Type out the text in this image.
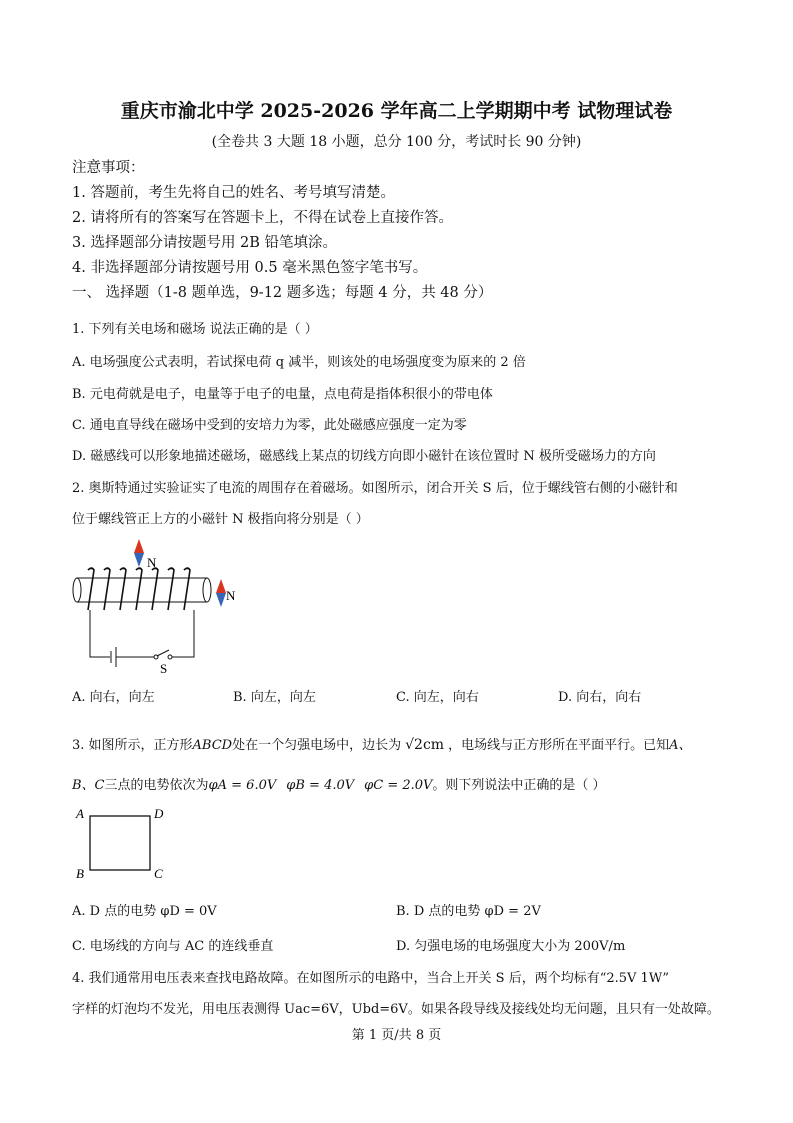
重庆市渝北中学 2025-2026 学年高二上学期期中考 试物理试卷
(全卷共 3 大题 18 小题，总分 100 分，考试时长 90 分钟)
注意事项：
1. 答题前，考生先将自己的姓名、考号填写清楚。
2. 请将所有的答案写在答题卡上，不得在试卷上直接作答。
3. 选择题部分请按题号用 2B 铅笔填涂。
4. 非选择题部分请按题号用 0.5 毫米黑色签字笔书写。
一、 选择题（1-8 题单选，9-12 题多选；每题 4 分，共 48 分）
1. 下列有关电场和磁场 说法正确的是（ ）
A. 电场强度公式表明，若试探电荷 q 减半，则该处的电场强度变为原来的 2 倍
B. 元电荷就是电子，电量等于电子的电量，点电荷是指体积很小的带电体
C. 通电直导线在磁场中受到的安培力为零，此处磁感应强度一定为零
D. 磁感线可以形象地描述磁场，磁感线上某点的切线方向即小磁针在该位置时 N 极所受磁场力的方向
2. 奥斯特通过实验证实了电流的周围存在着磁场。如图所示，闭合开关 S 后，位于螺线管右侧的小磁针和
位于螺线管正上方的小磁针 N 极指向将分别是（ ）
N
N
S
A. 向右，向左	B. 向左，向左	C. 向左，向右	D. 向右，向右
3. 如图所示，正方形ABCD处在一个匀强电场中，边长为 √2cm ，电场线与正方形所在平面平行。已知A、
B、C三点的电势依次为φA = 6.0V φB = 4.0V φC = 2.0V。则下列说法中正确的是（ ）
A	D
B	C
A. D 点的电势 φD = 0V	B. D 点的电势 φD = 2V
C. 电场线的方向与 AC 的连线垂直	D. 匀强电场的电场强度大小为 200V/m
4. 我们通常用电压表来查找电路故障。在如图所示的电路中，当合上开关 S 后，两个均标有“2.5V 1W”
字样的灯泡均不发光，用电压表测得 Uac=6V，Ubd=6V。如果各段导线及接线处均无问题，且只有一处故障。
第 1 页/共 8 页
